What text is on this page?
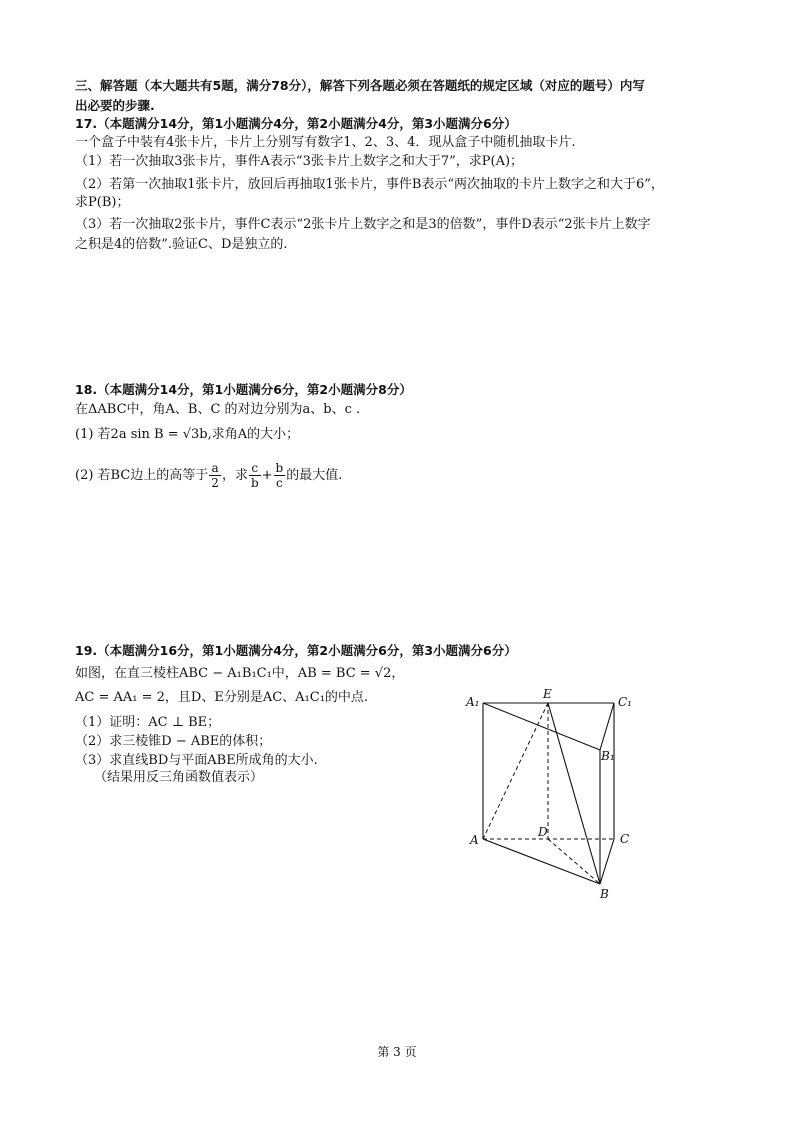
三、解答题（本大题共有5题，满分78分），解答下列各题必须在答题纸的规定区域（对应的题号）内写
出必要的步骤.
17.（本题满分14分，第1小题满分4分，第2小题满分4分，第3小题满分6分）
一个盒子中装有4张卡片，卡片上分别写有数字1、2、3、4．现从盒子中随机抽取卡片.
（1）若一次抽取3张卡片，事件A表示“3张卡片上数字之和大于7”，求P(A)；
（2）若第一次抽取1张卡片，放回后再抽取1张卡片，事件B表示“两次抽取的卡片上数字之和大于6”，
求P(B)；
（3）若一次抽取2张卡片，事件C表示“2张卡片上数字之和是3的倍数”，事件D表示“2张卡片上数字
之积是4的倍数”.验证C、D是独立的.
18.（本题满分14分，第1小题满分6分，第2小题满分8分）
在ΔABC中，角A、B、C 的对边分别为a、b、c .
(1) 若2a sin B = √3b,求角A的大小；
(2) 若BC边上的高等于 $\frac{a}{2}$ ，求 $\frac{c}{b} + \frac{b}{c}$ 的最大值.
19.（本题满分16分，第1小题满分4分，第2小题满分6分，第3小题满分6分）
如图，在直三棱柱ABC − A₁B₁C₁中，AB = BC = √2，
AC = AA₁ = 2，且D、E分别是AC、A₁C₁的中点.
（1）证明：AC ⊥ BE；
（2）求三棱锥D − ABE的体积；
（3）求直线BD与平面ABE所成角的大小.
（结果用反三角函数值表示）
A₁
E
C₁
B₁
A
D	C
B
第 3 页
